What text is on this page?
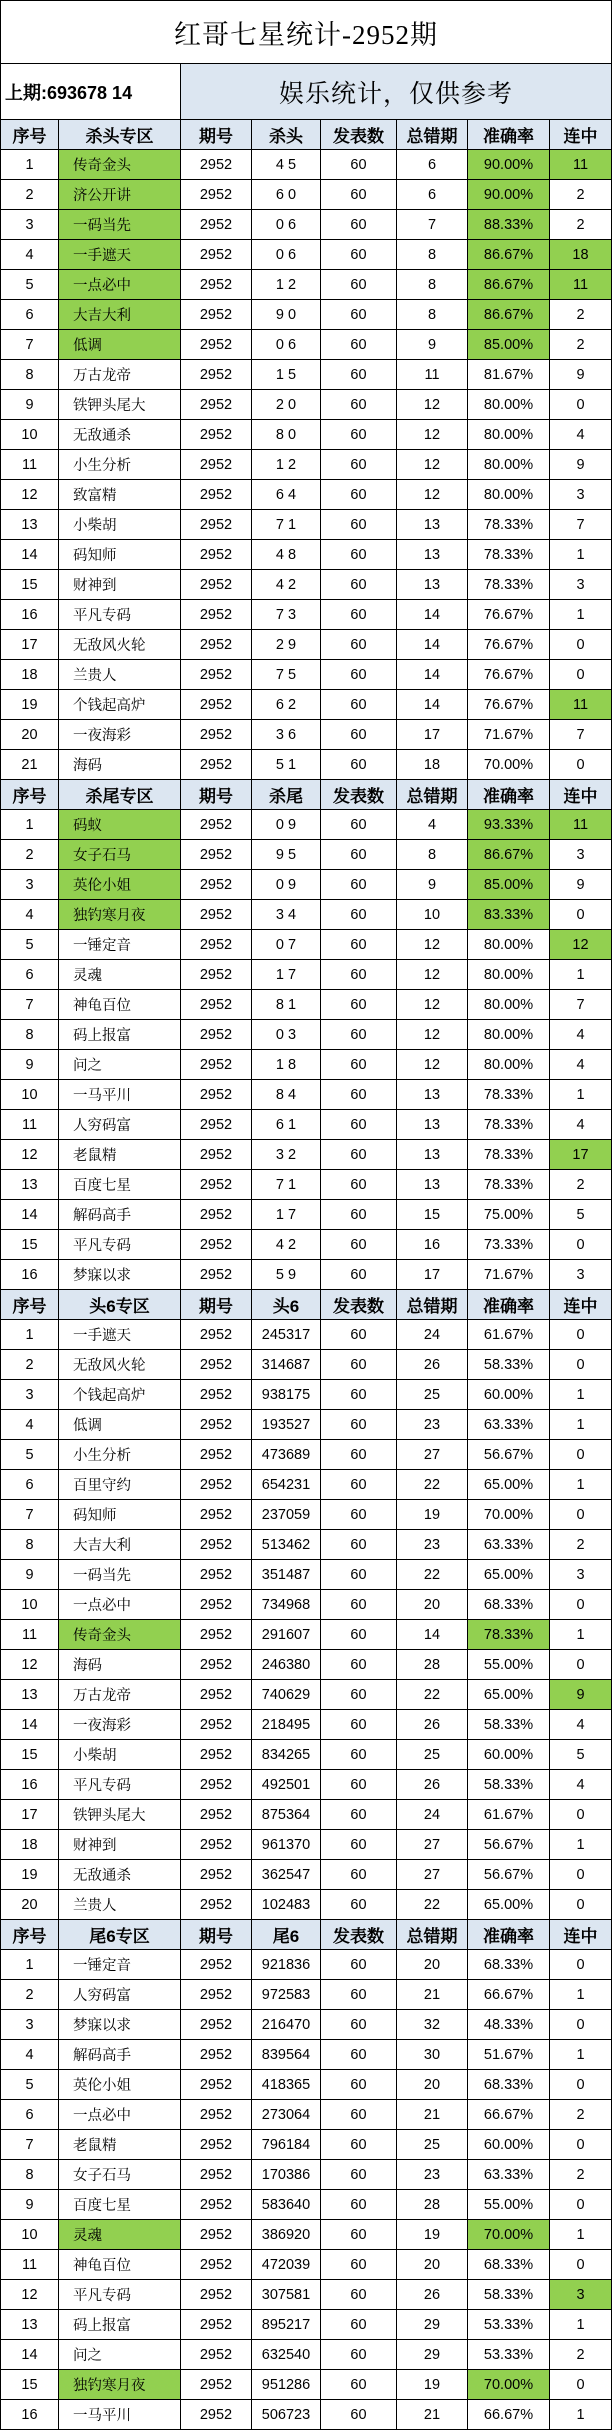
红哥七星统计-2952期
上期:693678 14	娱乐统计，仅供参考
序号	杀头专区	期号	杀头	发表数	总错期	准确率	连中
1	传奇金头	2952	4 5	60	6	90.00%	11
2	济公开讲	2952	6 0	60	6	90.00%	2
3	一码当先	2952	0 6	60	7	88.33%	2
4	一手遮天	2952	0 6	60	8	86.67%	18
5	一点必中	2952	1 2	60	8	86.67%	11
6	大吉大利	2952	9 0	60	8	86.67%	2
7	低调	2952	0 6	60	9	85.00%	2
8	万古龙帝	2952	1 5	60	11	81.67%	9
9	铁钾头尾大	2952	2 0	60	12	80.00%	0
10	无敌通杀	2952	8 0	60	12	80.00%	4
11	小生分析	2952	1 2	60	12	80.00%	9
12	致富精	2952	6 4	60	12	80.00%	3
13	小柴胡	2952	7 1	60	13	78.33%	7
14	码知师	2952	4 8	60	13	78.33%	1
15	财神到	2952	4 2	60	13	78.33%	3
16	平凡专码	2952	7 3	60	14	76.67%	1
17	无敌风火轮	2952	2 9	60	14	76.67%	0
18	兰贵人	2952	7 5	60	14	76.67%	0
19	个钱起高炉	2952	6 2	60	14	76.67%	11
20	一夜海彩	2952	3 6	60	17	71.67%	7
21	海码	2952	5 1	60	18	70.00%	0
序号	杀尾专区	期号	杀尾	发表数	总错期	准确率	连中
1	码蚁	2952	0 9	60	4	93.33%	11
2	女子石马	2952	9 5	60	8	86.67%	3
3	英伦小姐	2952	0 9	60	9	85.00%	9
4	独钓寒月夜	2952	3 4	60	10	83.33%	0
5	一锤定音	2952	0 7	60	12	80.00%	12
6	灵魂	2952	1 7	60	12	80.00%	1
7	神龟百位	2952	8 1	60	12	80.00%	7
8	码上报富	2952	0 3	60	12	80.00%	4
9	问之	2952	1 8	60	12	80.00%	4
10	一马平川	2952	8 4	60	13	78.33%	1
11	人穷码富	2952	6 1	60	13	78.33%	4
12	老鼠精	2952	3 2	60	13	78.33%	17
13	百度七星	2952	7 1	60	13	78.33%	2
14	解码高手	2952	1 7	60	15	75.00%	5
15	平凡专码	2952	4 2	60	16	73.33%	0
16	梦寐以求	2952	5 9	60	17	71.67%	3
序号	头6专区	期号	头6	发表数	总错期	准确率	连中
1	一手遮天	2952	245317	60	24	61.67%	0
2	无敌风火轮	2952	314687	60	26	58.33%	0
3	个钱起高炉	2952	938175	60	25	60.00%	1
4	低调	2952	193527	60	23	63.33%	1
5	小生分析	2952	473689	60	27	56.67%	0
6	百里守约	2952	654231	60	22	65.00%	1
7	码知师	2952	237059	60	19	70.00%	0
8	大吉大利	2952	513462	60	23	63.33%	2
9	一码当先	2952	351487	60	22	65.00%	3
10	一点必中	2952	734968	60	20	68.33%	0
11	传奇金头	2952	291607	60	14	78.33%	1
12	海码	2952	246380	60	28	55.00%	0
13	万古龙帝	2952	740629	60	22	65.00%	9
14	一夜海彩	2952	218495	60	26	58.33%	4
15	小柴胡	2952	834265	60	25	60.00%	5
16	平凡专码	2952	492501	60	26	58.33%	4
17	铁钾头尾大	2952	875364	60	24	61.67%	0
18	财神到	2952	961370	60	27	56.67%	1
19	无敌通杀	2952	362547	60	27	56.67%	0
20	兰贵人	2952	102483	60	22	65.00%	0
序号	尾6专区	期号	尾6	发表数	总错期	准确率	连中
1	一锤定音	2952	921836	60	20	68.33%	0
2	人穷码富	2952	972583	60	21	66.67%	1
3	梦寐以求	2952	216470	60	32	48.33%	0
4	解码高手	2952	839564	60	30	51.67%	1
5	英伦小姐	2952	418365	60	20	68.33%	0
6	一点必中	2952	273064	60	21	66.67%	2
7	老鼠精	2952	796184	60	25	60.00%	0
8	女子石马	2952	170386	60	23	63.33%	2
9	百度七星	2952	583640	60	28	55.00%	0
10	灵魂	2952	386920	60	19	70.00%	1
11	神龟百位	2952	472039	60	20	68.33%	0
12	平凡专码	2952	307581	60	26	58.33%	3
13	码上报富	2952	895217	60	29	53.33%	1
14	问之	2952	632540	60	29	53.33%	2
15	独钓寒月夜	2952	951286	60	19	70.00%	0
16	一马平川	2952	506723	60	21	66.67%	1
